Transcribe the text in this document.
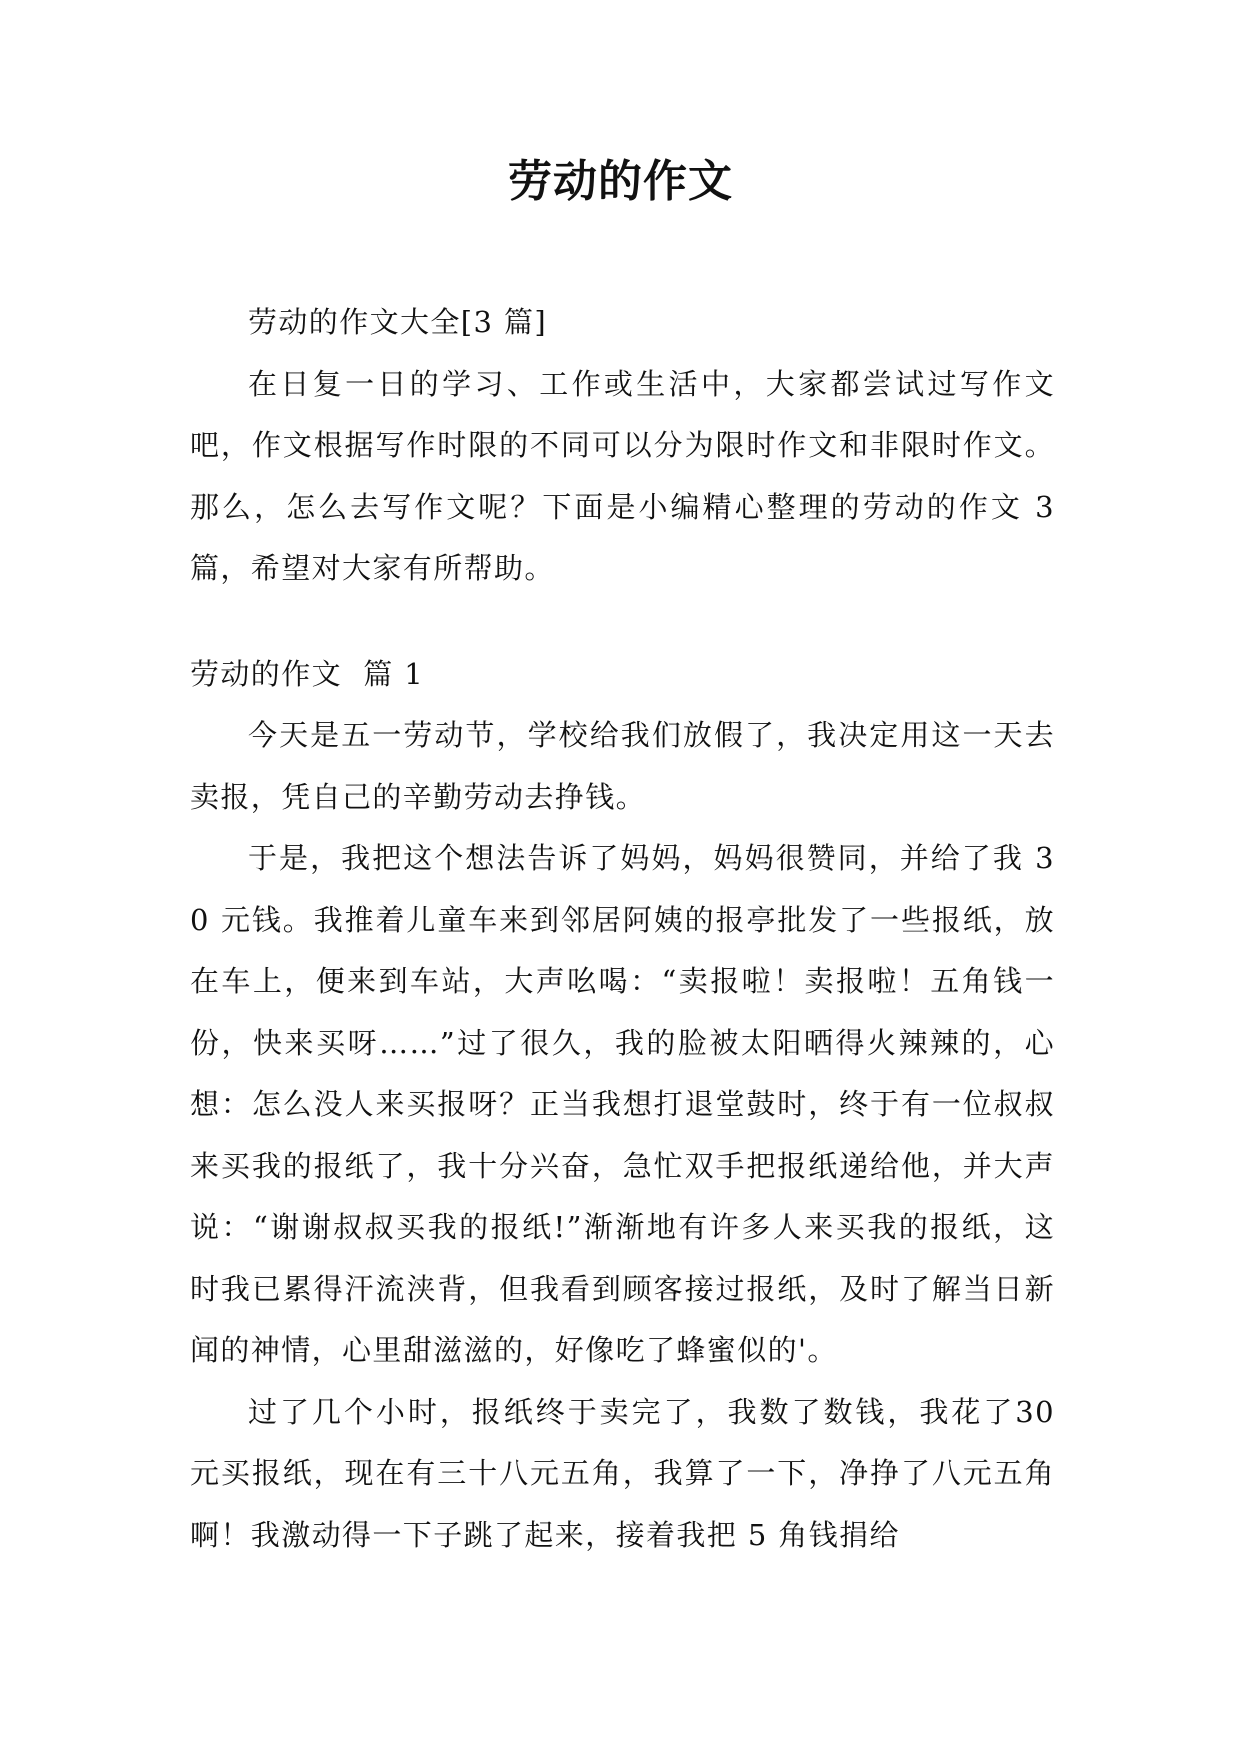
劳动的作文

劳动的作文大全[3 篇]

在日复一日的学习、工作或生活中，大家都尝试过写作文吧，作文根据写作时限的不同可以分为限时作文和非限时作文。那么，怎么去写作文呢？下面是小编精心整理的劳动的作文 3 篇，希望对大家有所帮助。

劳动的作文  篇 1

今天是五一劳动节，学校给我们放假了，我决定用这一天去卖报，凭自己的辛勤劳动去挣钱。

于是，我把这个想法告诉了妈妈，妈妈很赞同，并给了我 30 元钱。我推着儿童车来到邻居阿姨的报亭批发了一些报纸，放在车上，便来到车站，大声吆喝：“卖报啦！卖报啦！五角钱一份，快来买呀……”过了很久，我的脸被太阳晒得火辣辣的，心想：怎么没人来买报呀？正当我想打退堂鼓时，终于有一位叔叔来买我的报纸了，我十分兴奋，急忙双手把报纸递给他，并大声说：“谢谢叔叔买我的报纸!”渐渐地有许多人来买我的报纸，这时我已累得汗流浃背，但我看到顾客接过报纸，及时了解当日新闻的神情，心里甜滋滋的，好像吃了蜂蜜似的'。

过了几个小时，报纸终于卖完了，我数了数钱，我花了30 元买报纸，现在有三十八元五角，我算了一下，净挣了八元五角啊！我激动得一下子跳了起来，接着我把 5 角钱捐给
